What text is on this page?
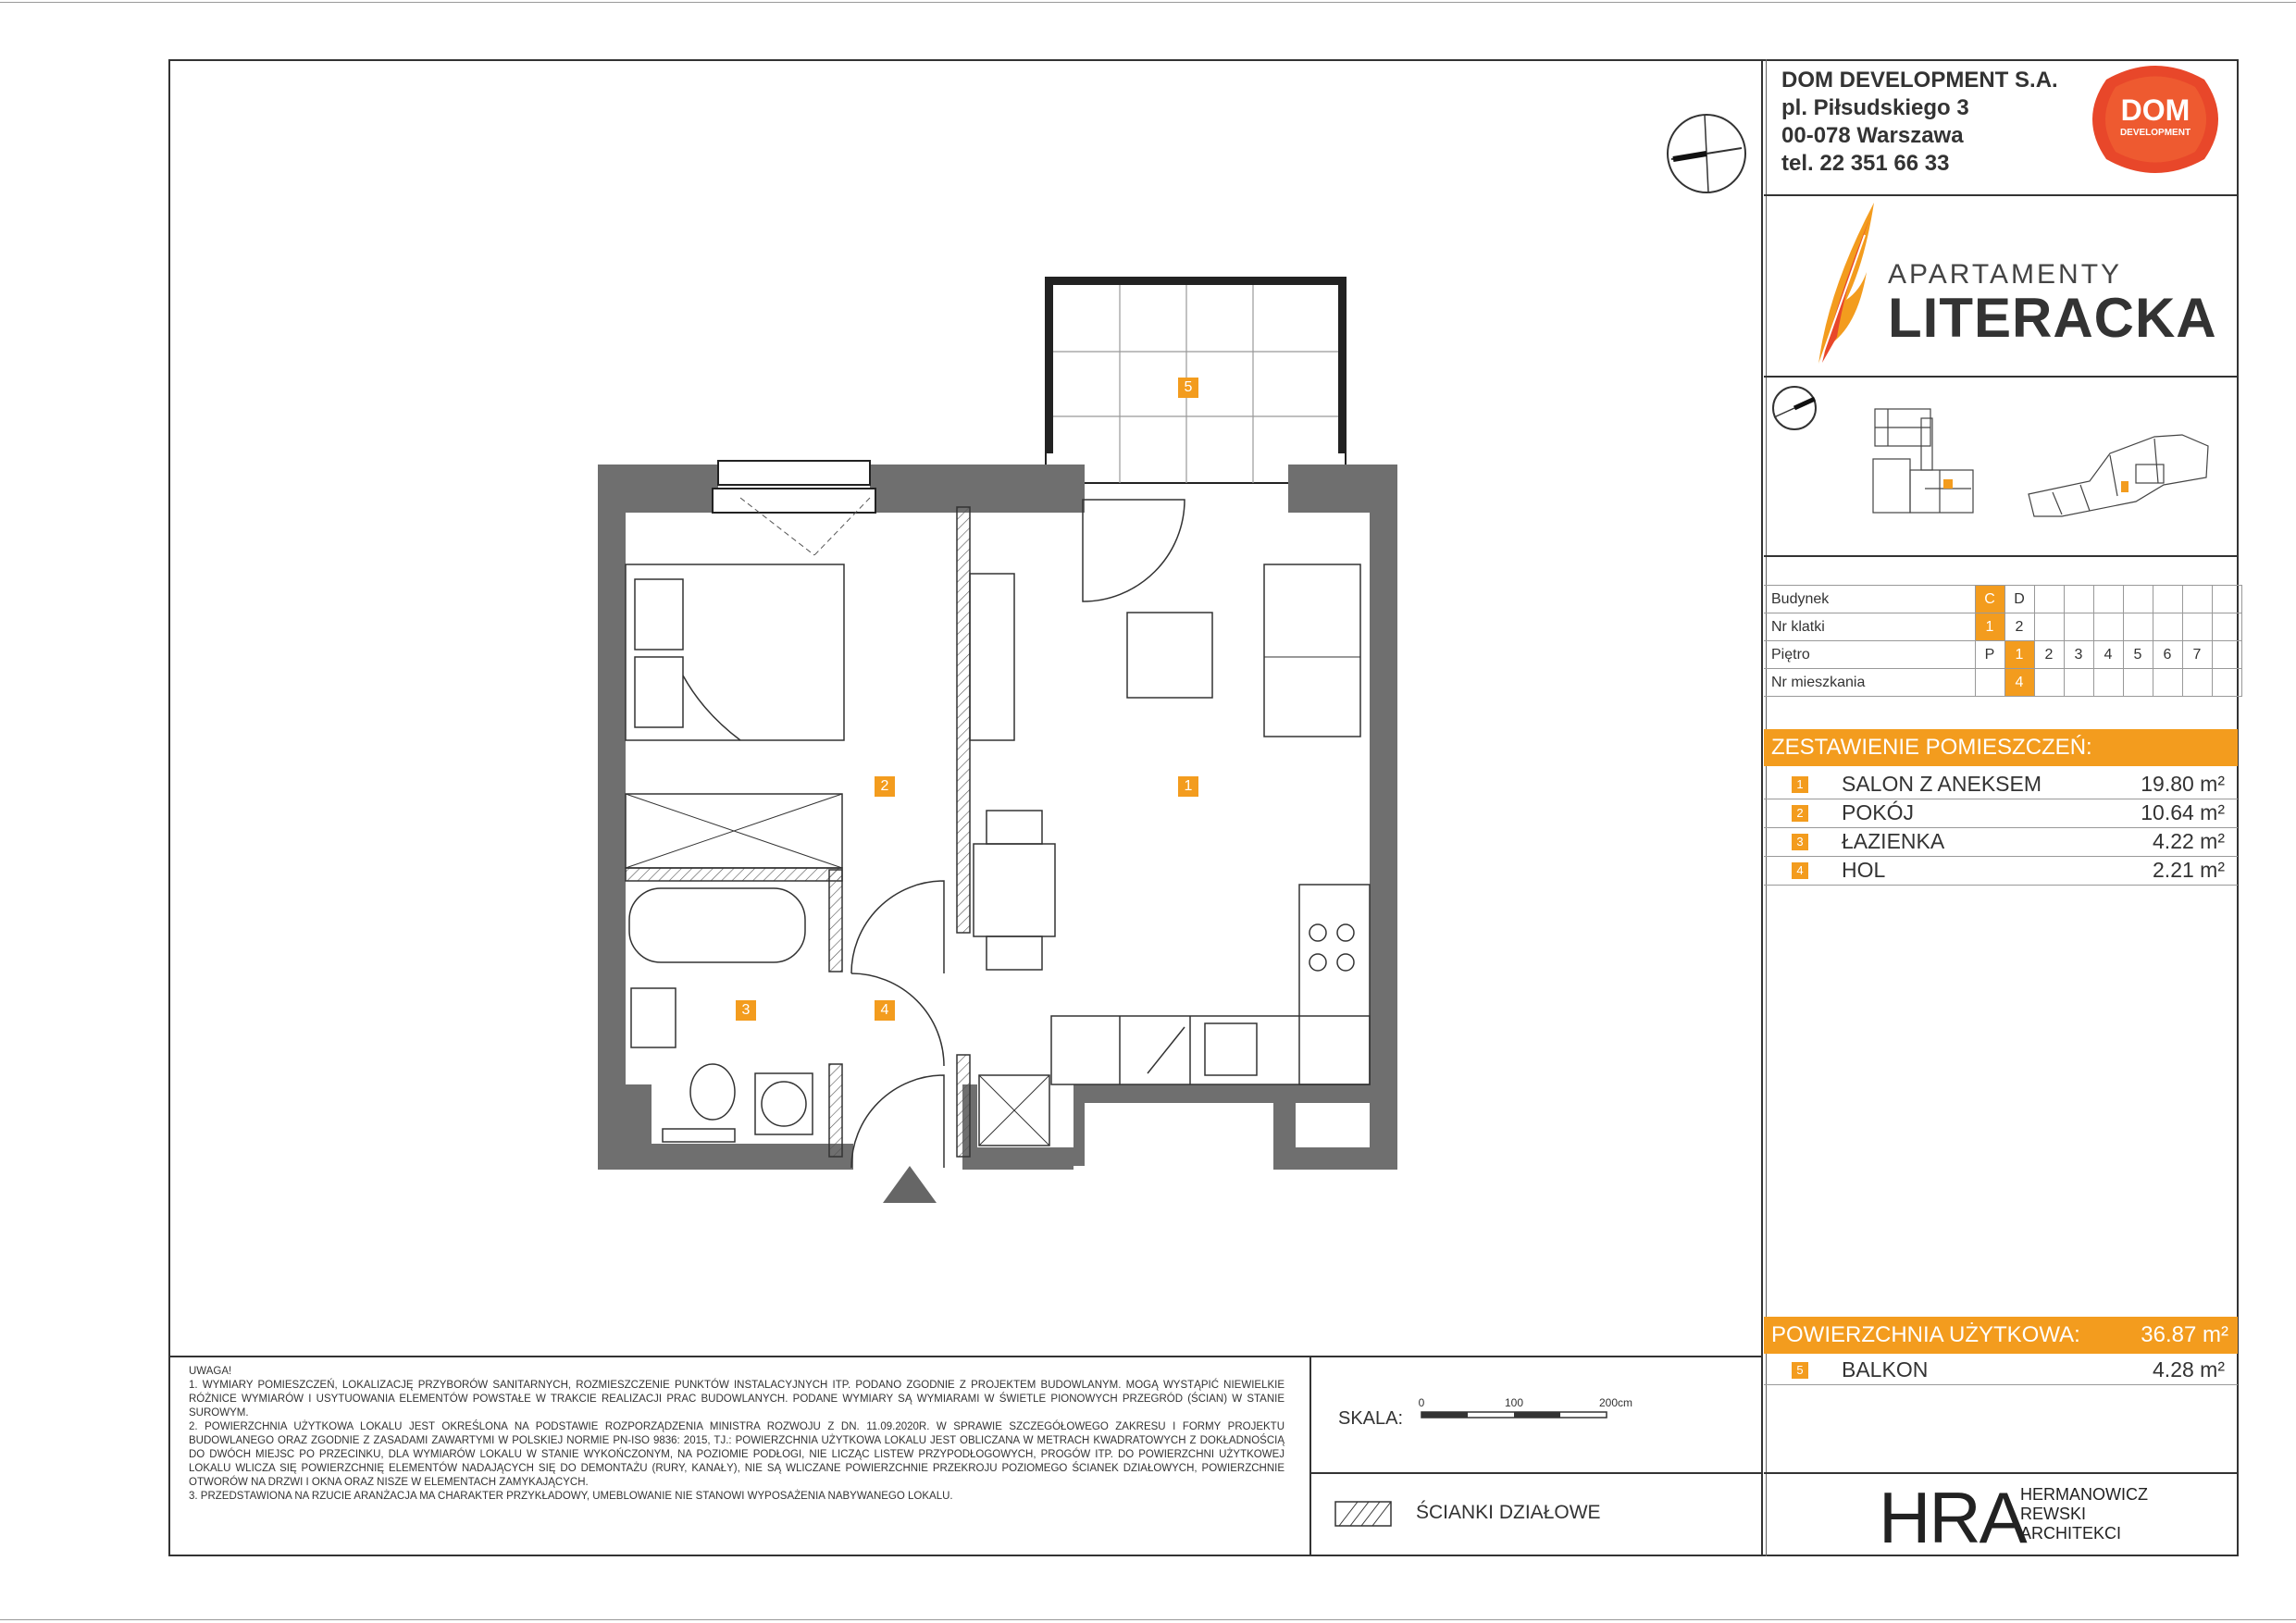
DOM DEVELOPMENT S.A.
pl. Piłsudskiego 3
00-078 Warszawa
tel. 22 351 66 33
DOM
DEVELOPMENT
APARTAMENTY
LITERACKA
Budynek	C	D							
Nr klatki	1	2							
Piętro	P	1	2	3	4	5	6	7	
Nr mieszkania		4							
ZESTAWIENIE POMIESZCZEŃ:
1 SALON Z ANEKSEM	19.80 m²
2 POKÓJ	10.64 m²
3 ŁAZIENKA	4.22 m²
4 HOL	2.21 m²
POWIERZCHNIA UŻYTKOWA:	36.87 m²
5 BALKON	4.28 m²
UWAGA!
1. WYMIARY POMIESZCZEŃ, LOKALIZACJĘ PRZYBORÓW SANITARNYCH, ROZMIESZCZENIE PUNKTÓW INSTALACYJNYCH ITP. PODANO ZGODNIE Z PROJEKTEM BUDOWLANYM. MOGĄ WYSTĄPIĆ NIEWIELKIE RÓŻNICE WYMIARÓW I USYTUOWANIA ELEMENTÓW POWSTAŁE W TRAKCIE REALIZACJI PRAC BUDOWLANYCH. PODANE WYMIARY SĄ WYMIARAMI W ŚWIETLE PIONOWYCH PRZEGRÓD (ŚCIAN) W STANIE SUROWYM.
2. POWIERZCHNIA UŻYTKOWA LOKALU JEST OKREŚLONA NA PODSTAWIE ROZPORZĄDZENIA MINISTRA ROZWOJU Z DN. 11.09.2020R. W SPRAWIE SZCZEGÓŁOWEGO ZAKRESU I FORMY PROJEKTU BUDOWLANEGO ORAZ ZGODNIE Z ZASADAMI ZAWARTYMI W POLSKIEJ NORMIE PN-ISO 9836: 2015, TJ.: POWIERZCHNIA UŻYTKOWA LOKALU JEST OBLICZANA W METRACH KWADRATOWYCH Z DOKŁADNOŚCIĄ DO DWÓCH MIEJSC PO PRZECINKU, DLA WYMIARÓW LOKALU W STANIE WYKOŃCZONYM, NA POZIOMIE PODŁOGI, NIE LICZĄC LISTEW PRZYPODŁOGOWYCH, PROGÓW ITP. DO POWIERZCHNI UŻYTKOWEJ LOKALU WLICZA SIĘ POWIERZCHNIĘ ELEMENTÓW NADAJĄCYCH SIĘ DO DEMONTAŻU (RURY, KANAŁY), NIE SĄ WLICZANE POWIERZCHNIE PRZEKROJU POZIOMEGO ŚCIANEK DZIAŁOWYCH, POWIERZCHNIE OTWORÓW NA DRZWI I OKNA ORAZ NISZE W ELEMENTACH ZAMYKAJĄCYCH.
3. PRZEDSTAWIONA NA RZUCIE ARANŻACJA MA CHARAKTER PRZYKŁADOWY, UMEBLOWANIE NIE STANOWI WYPOSAŻENIA NABYWANEGO LOKALU.
SKALA:
0	100	200cm
ŚCIANKI DZIAŁOWE	HRA
HERMANOWICZ
REWSKI
ARCHITEKCI
5
1
2
3	4
